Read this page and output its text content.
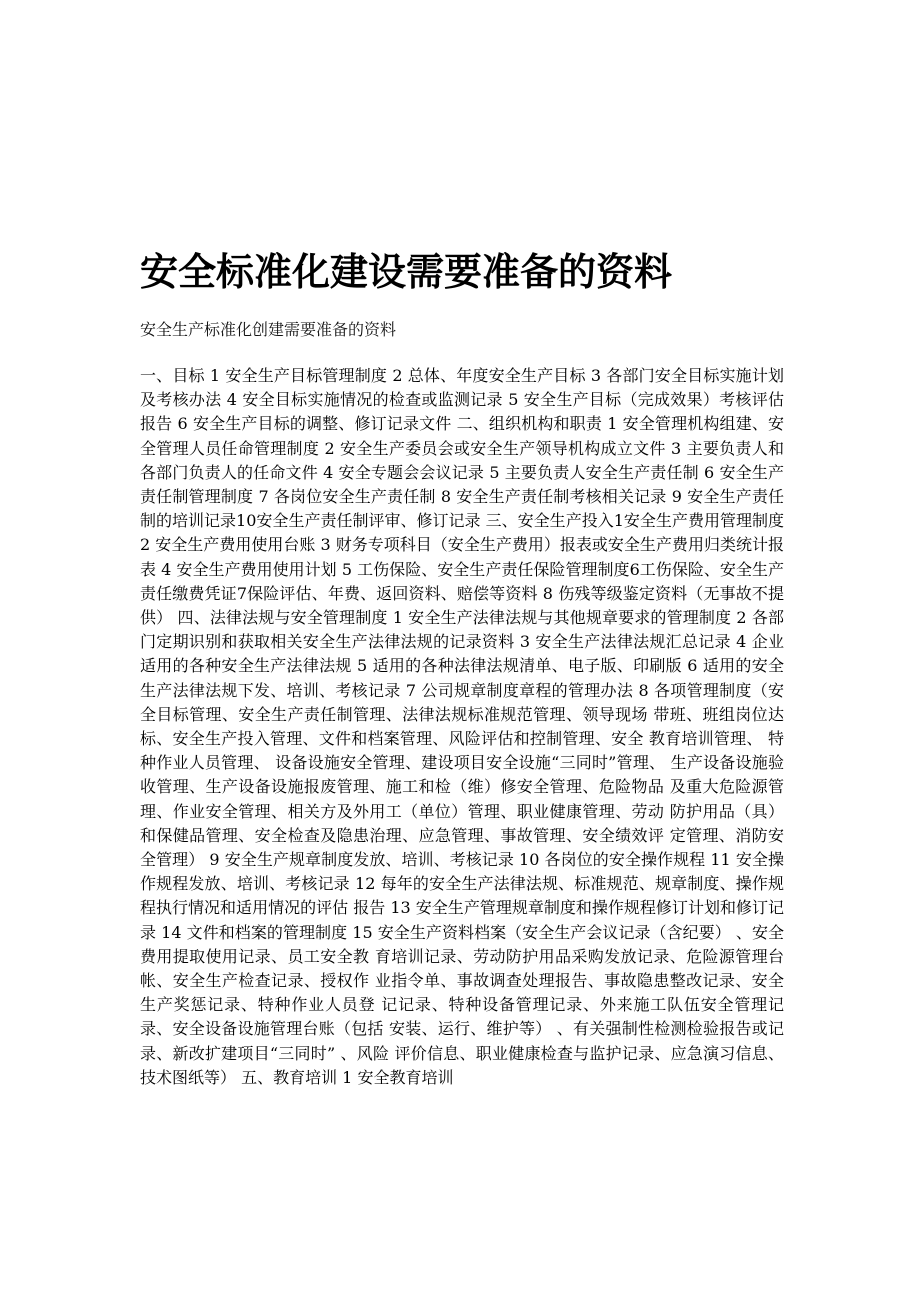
安全标准化建设需要准备的资料

安全生产标准化创建需要准备的资料

一、目标 1 安全生产目标管理制度 2 总体、年度安全生产目标 3 各部门安全目标实施计划及考核办法 4 安全目标实施情况的检查或监测记录 5 安全生产目标（完成效果）考核评估报告 6 安全生产目标的调整、修订记录文件 二、组织机构和职责 1 安全管理机构组建、安全管理人员任命管理制度 2 安全生产委员会或安全生产领导机构成立文件 3 主要负责人和各部门负责人的任命文件 4 安全专题会会议记录 5 主要负责人安全生产责任制 6 安全生产责任制管理制度 7 各岗位安全生产责任制 8 安全生产责任制考核相关记录 9 安全生产责任制的培训记录10安全生产责任制评审、修订记录 三、安全生产投入1安全生产费用管理制度 2 安全生产费用使用台账 3 财务专项科目（安全生产费用）报表或安全生产费用归类统计报表 4 安全生产费用使用计划 5 工伤保险、安全生产责任保险管理制度6工伤保险、安全生产责任缴费凭证7保险评估、年费、返回资料、赔偿等资料 8 伤残等级鉴定资料（无事故不提供） 四、法律法规与安全管理制度 1 安全生产法律法规与其他规章要求的管理制度 2 各部门定期识别和获取相关安全生产法律法规的记录资料 3 安全生产法律法规汇总记录 4 企业适用的各种安全生产法律法规 5 适用的各种法律法规清单、电子版、印刷版 6 适用的安全生产法律法规下发、培训、考核记录 7 公司规章制度章程的管理办法 8 各项管理制度（安全目标管理、安全生产责任制管理、法律法规标准规范管理、领导现场 带班、班组岗位达标、安全生产投入管理、文件和档案管理、风险评估和控制管理、安全 教育培训管理、 特种作业人员管理、 设备设施安全管理、建设项目安全设施“三同时”管理、 生产设备设施验收管理、生产设备设施报废管理、施工和检（维）修安全管理、危险物品 及重大危险源管理、作业安全管理、相关方及外用工（单位）管理、职业健康管理、劳动 防护用品（具）和保健品管理、安全检查及隐患治理、应急管理、事故管理、安全绩效评 定管理、消防安全管理） 9 安全生产规章制度发放、培训、考核记录 10 各岗位的安全操作规程 11 安全操作规程发放、培训、考核记录 12 每年的安全生产法律法规、标准规范、规章制度、操作规程执行情况和适用情况的评估 报告 13 安全生产管理规章制度和操作规程修订计划和修订记录 14 文件和档案的管理制度 15 安全生产资料档案（安全生产会议记录（含纪要） 、安全费用提取使用记录、员工安全教 育培训记录、劳动防护用品采购发放记录、危险源管理台帐、安全生产检查记录、授权作 业指令单、事故调查处理报告、事故隐患整改记录、安全生产奖惩记录、特种作业人员登 记记录、特种设备管理记录、外来施工队伍安全管理记录、安全设备设施管理台账（包括 安装、运行、维护等） 、有关强制性检测检验报告或记录、新改扩建项目“三同时” 、风险 评价信息、职业健康检查与监护记录、应急演习信息、技术图纸等） 五、教育培训 1 安全教育培训
